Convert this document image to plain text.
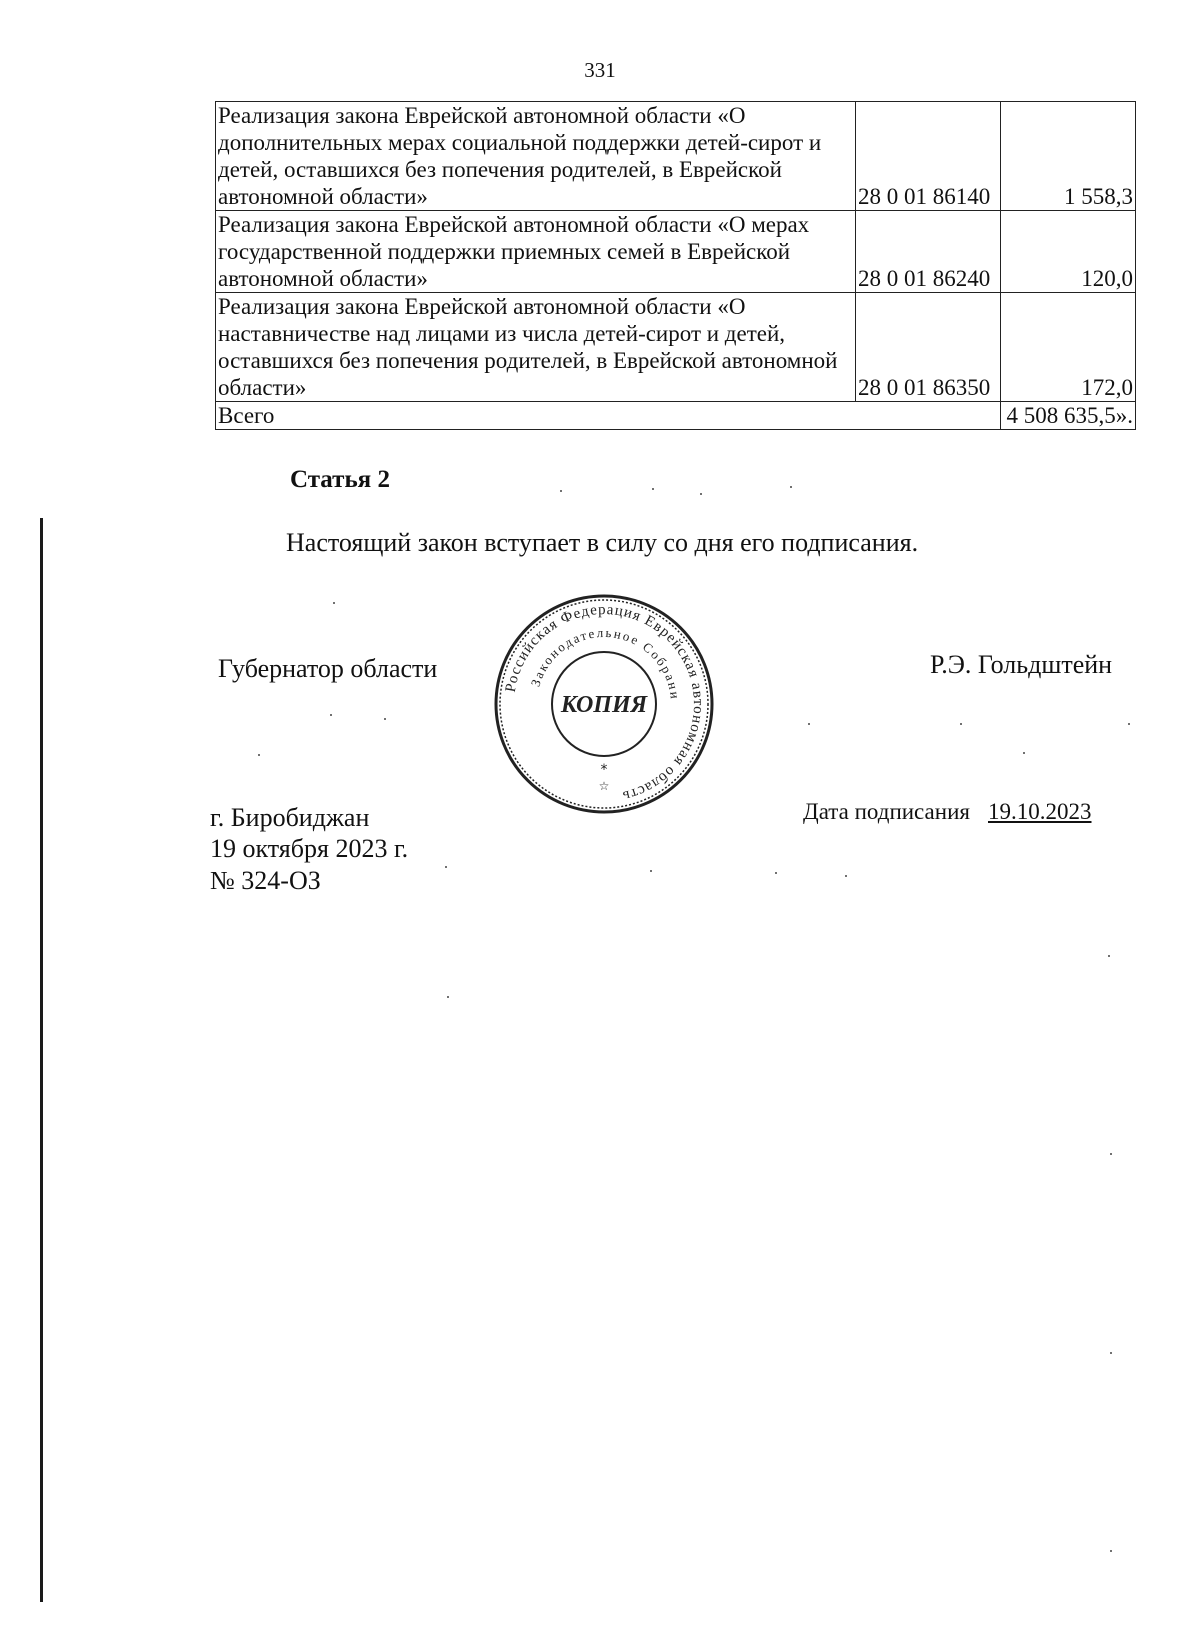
331
Реализация закона Еврейской автономной области «О дополнительных мерах социальной поддержки детей-сирот и детей, оставшихся без попечения родителей, в Еврейской автономной области»	28 0 01 86140	1 558,3
Реализация закона Еврейской автономной области «О мерах государственной поддержки приемных семей в Еврейской автономной области»	28 0 01 86240	120,0
Реализация закона Еврейской автономной области «О наставничестве над лицами из числа детей-сирот и детей, оставшихся без попечения родителей, в Еврейской автономной области»	28 0 01 86350	172,0
Всего		4 508 635,5».
Статья 2
Настоящий закон вступает в силу со дня его подписания.
Губернатор области	Р.Э. Гольдштейн
Российская Федерация Еврейская автономная область
Законодательное Собрани
КОПИЯ
*
☆
г. Биробиджан
19 октября 2023 г.
№ 324-ОЗ
Дата подписания 19.10.2023
